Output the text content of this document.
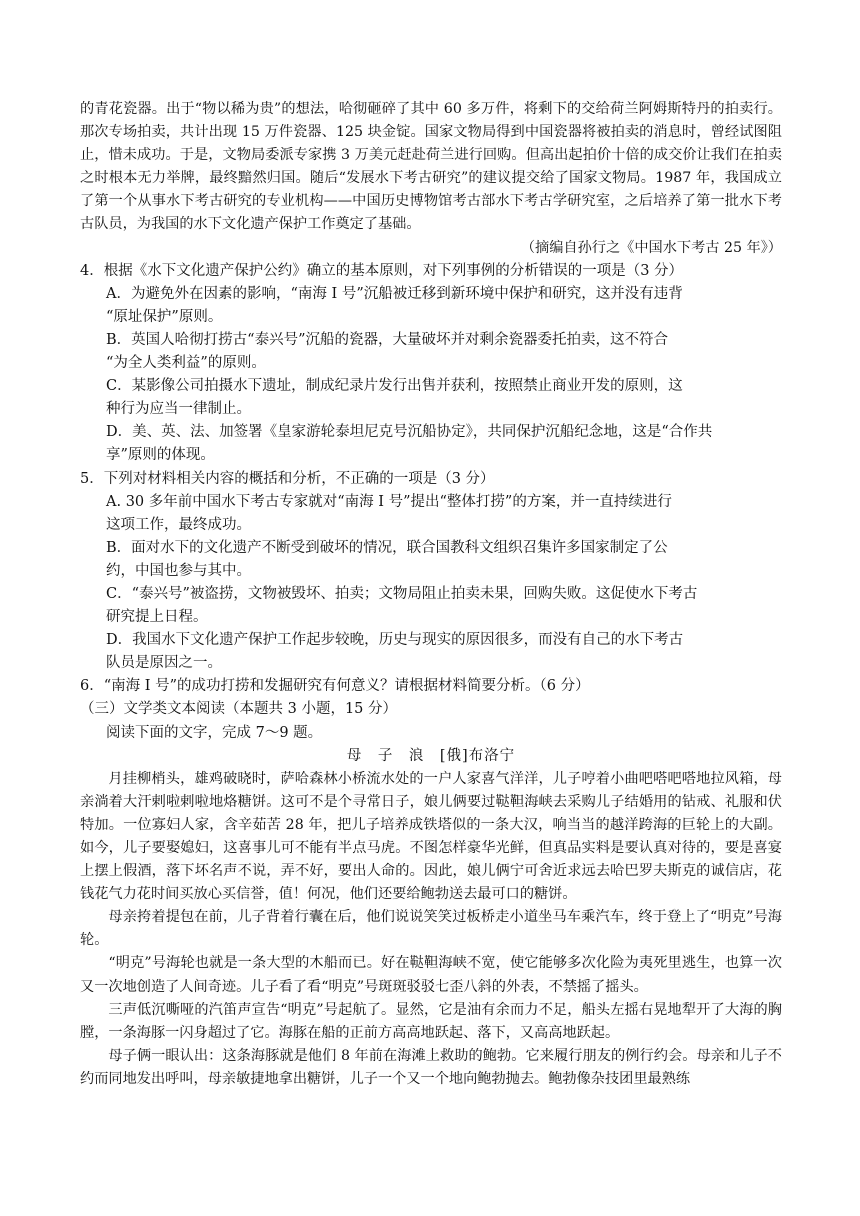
的青花瓷器。出于“物以稀为贵”的想法，哈彻砸碎了其中 60 多万件，将剩下的交给荷兰阿姆斯特丹的拍卖行。那次专场拍卖，共计出现 15 万件瓷器、125 块金锭。国家文物局得到中国瓷器将被拍卖的消息时，曾经试图阻止，惜未成功。于是，文物局委派专家携 3 万美元赶赴荷兰进行回购。但高出起拍价十倍的成交价让我们在拍卖之时根本无力举牌，最终黯然归国。随后“发展水下考古研究”的建议提交给了国家文物局。1987 年，我国成立了第一个从事水下考古研究的专业机构——中国历史博物馆考古部水下考古学研究室，之后培养了第一批水下考古队员，为我国的水下文化遗产保护工作奠定了基础。

（摘编自孙行之《中国水下考古 25 年》）

4．根据《水下文化遗产保护公约》确立的基本原则，对下列事例的分析错误的一项是（3 分）

A．为避免外在因素的影响，“南海 I 号”沉船被迁移到新环境中保护和研究，这并没有违背
“原址保护”原则。

B．英国人哈彻打捞古“泰兴号”沉船的瓷器，大量破坏并对剩余瓷器委托拍卖，这不符合
“为全人类利益”的原则。

C．某影像公司拍摄水下遗址，制成纪录片发行出售并获利，按照禁止商业开发的原则，这
种行为应当一律制止。

D．美、英、法、加签署《皇家游轮泰坦尼克号沉船协定》，共同保护沉船纪念地，这是“合作共
享”原则的体现。

5．下列对材料相关内容的概括和分析，不正确的一项是（3 分）

A. 30 多年前中国水下考古专家就对“南海 I 号”提出“整体打捞”的方案，并一直持续进行
这项工作，最终成功。

B．面对水下的文化遗产不断受到破坏的情况，联合国教科文组织召集许多国家制定了公
约，中国也参与其中。

C．“泰兴号”被盗捞，文物被毁坏、拍卖；文物局阻止拍卖未果，回购失败。这促使水下考古
研究提上日程。

D．我国水下文化遗产保护工作起步较晚，历史与现实的原因很多，而没有自己的水下考古
队员是原因之一。

6．“南海 I 号”的成功打捞和发掘研究有何意义？请根据材料简要分析。（6 分）

（三）文学类文本阅读（本题共 3 小题，15 分）

阅读下面的文字，完成 7～9 题。

母　子　浪　[俄]布洛宁

月挂柳梢头，雄鸡破晓时，萨哈森林小桥流水处的一户人家喜气洋洋，儿子哼着小曲吧嗒吧嗒地拉风箱，母亲淌着大汗剌啦剌啦地烙糖饼。这可不是个寻常日子，娘儿俩要过鞑靼海峡去采购儿子结婚用的钻戒、礼服和伏特加。一位寡妇人家，含辛茹苦 28 年，把儿子培养成铁塔似的一条大汉，响当当的越洋跨海的巨轮上的大副。如今，儿子要娶媳妇，这喜事儿可不能有半点马虎。不图怎样豪华光鲜，但真品实料是要认真对待的，要是喜宴上摆上假酒，落下坏名声不说，弄不好，要出人命的。因此，娘儿俩宁可舍近求远去哈巴罗夫斯克的诚信店，花钱花气力花时间买放心买信誉，值！何况，他们还要给鲍勃送去最可口的糖饼。

母亲挎着提包在前，儿子背着行囊在后，他们说说笑笑过板桥走小道坐马车乘汽车，终于登上了“明克”号海轮。

“明克”号海轮也就是一条大型的木船而已。好在鞑靼海峡不宽，使它能够多次化险为夷死里逃生，也算一次又一次地创造了人间奇迹。儿子看了看“明克”号斑斑驳驳七歪八斜的外表，不禁摇了摇头。

三声低沉嘶哑的汽笛声宣告“明克”号起航了。显然，它是油有余而力不足，船头左摇右晃地犁开了大海的胸膛，一条海豚一闪身超过了它。海豚在船的正前方高高地跃起、落下，又高高地跃起。

母子俩一眼认出：这条海豚就是他们 8 年前在海滩上救助的鲍勃。它来履行朋友的例行约会。母亲和儿子不约而同地发出呼叫，母亲敏捷地拿出糖饼，儿子一个又一个地向鲍勃抛去。鲍勃像杂技团里最熟练
